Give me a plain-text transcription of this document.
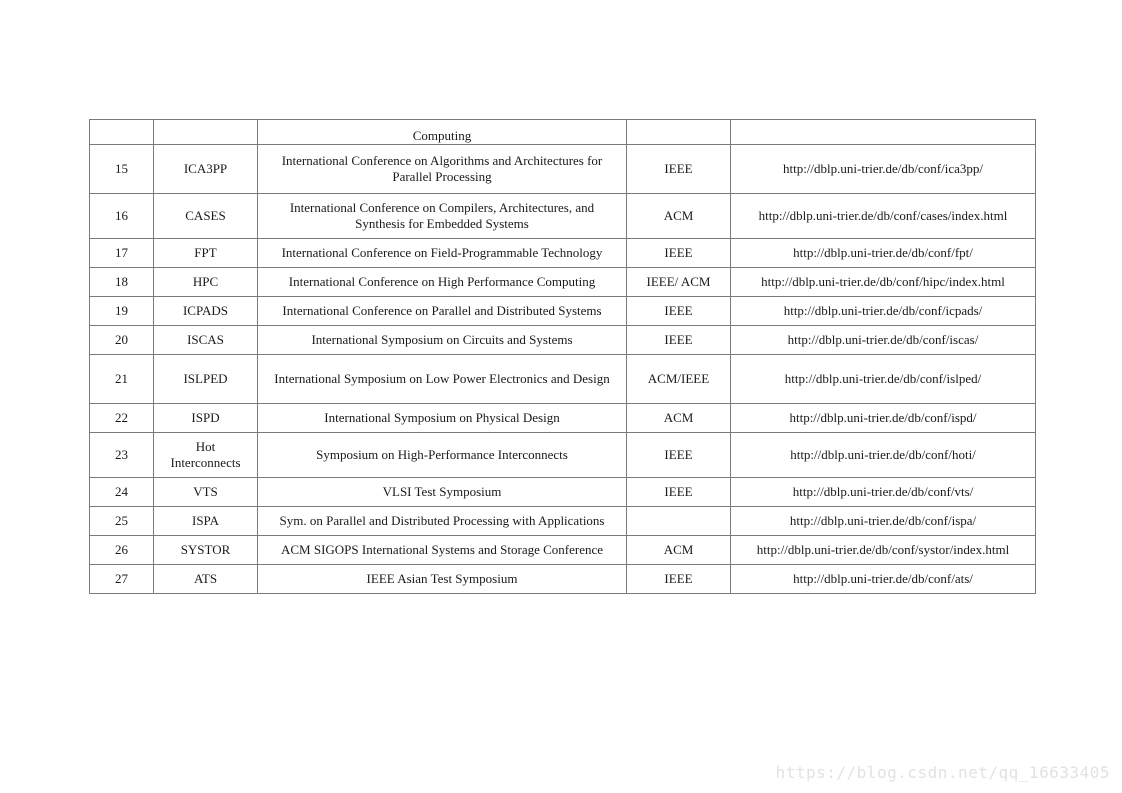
		Computing		
15	ICA3PP	International Conference on Algorithms and Architectures for Parallel Processing	IEEE	http://dblp.uni-trier.de/db/conf/ica3pp/
16	CASES	International Conference on Compilers, Architectures, and Synthesis for Embedded Systems	ACM	http://dblp.uni-trier.de/db/conf/cases/index.html
17	FPT	International Conference on Field-Programmable Technology	IEEE	http://dblp.uni-trier.de/db/conf/fpt/
18	HPC	International Conference on High Performance Computing	IEEE/ ACM	http://dblp.uni-trier.de/db/conf/hipc/index.html
19	ICPADS	International Conference on Parallel and Distributed Systems	IEEE	http://dblp.uni-trier.de/db/conf/icpads/
20	ISCAS	International Symposium on Circuits and Systems	IEEE	http://dblp.uni-trier.de/db/conf/iscas/
21	ISLPED	International Symposium on Low Power Electronics and Design	ACM/IEEE	http://dblp.uni-trier.de/db/conf/islped/
22	ISPD	International Symposium on Physical Design	ACM	http://dblp.uni-trier.de/db/conf/ispd/
23	Hot Interconnects	Symposium on High-Performance Interconnects	IEEE	http://dblp.uni-trier.de/db/conf/hoti/
24	VTS	VLSI Test Symposium	IEEE	http://dblp.uni-trier.de/db/conf/vts/
25	ISPA	Sym. on Parallel and Distributed Processing with Applications		http://dblp.uni-trier.de/db/conf/ispa/
26	SYSTOR	ACM SIGOPS International Systems and Storage Conference	ACM	http://dblp.uni-trier.de/db/conf/systor/index.html
27	ATS	IEEE Asian Test Symposium	IEEE	http://dblp.uni-trier.de/db/conf/ats/
https://blog.csdn.net/qq_16633405
